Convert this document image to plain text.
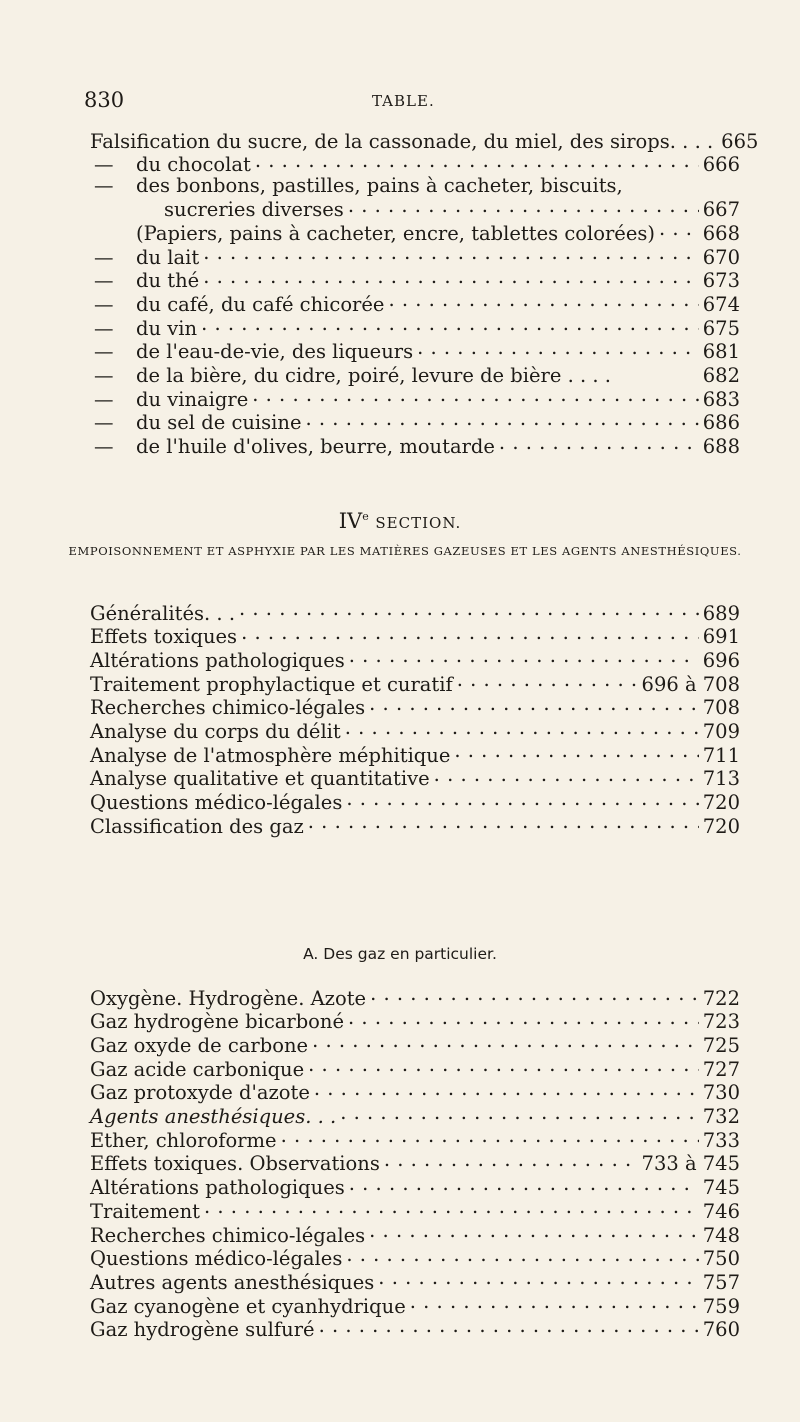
830	TABLE.
Falsification du sucre, de la cassonade, du miel, des sirops. . . . 665
—	du chocolat . . .	666
—	des bonbons, pastilles, pains à cacheter, biscuits,
sucreries diverses . . .	667
(Papiers, pains à cacheter, encre, tablettes colorées) . . . 668
—	du lait . . .	670
—	du thé . . .	673
—	du café, du café chicorée . . .	674
—	du vin . . .	675
—	de l'eau-de-vie, des liqueurs . . .	681
—	de la bière, du cidre, poiré, levure de bière . . . .	682
—	du vinaigre . . .	683
—	du sel de cuisine . . .	686
—	de l'huile d'olives, beurre, moutarde . . .	688
IVe SECTION.
EMPOISONNEMENT ET ASPHYXIE PAR LES MATIÈRES GAZEUSES ET LES AGENTS ANESTHÉSIQUES.
Généralités. . . . . .	689
Effets toxiques . . .	691
Altérations pathologiques . . .	696
Traitement prophylactique et curatif . . .	696 à 708
Recherches chimico-légales . . .	708
Analyse du corps du délit . . .	709
Analyse de l'atmosphère méphitique . . .	711
Analyse qualitative et quantitative . . .	713
Questions médico-légales . . .	720
Classification des gaz . . .	720
A. Des gaz en particulier.
Oxygène. Hydrogène. Azote . . .	722
Gaz hydrogène bicarboné . . .	723
Gaz oxyde de carbone . . .	725
Gaz acide carbonique . . .	727
Gaz protoxyde d'azote . . .	730
Agents anesthésiques. . . . . .	732
Ether, chloroforme . . .	733
Effets toxiques. Observations . . .	733 à 745
Altérations pathologiques . . .	745
Traitement . . .	746
Recherches chimico-légales . . .	748
Questions médico-légales . . .	750
Autres agents anesthésiques . . .	757
Gaz cyanogène et cyanhydrique . . .	759
Gaz hydrogène sulfuré . . .	760
